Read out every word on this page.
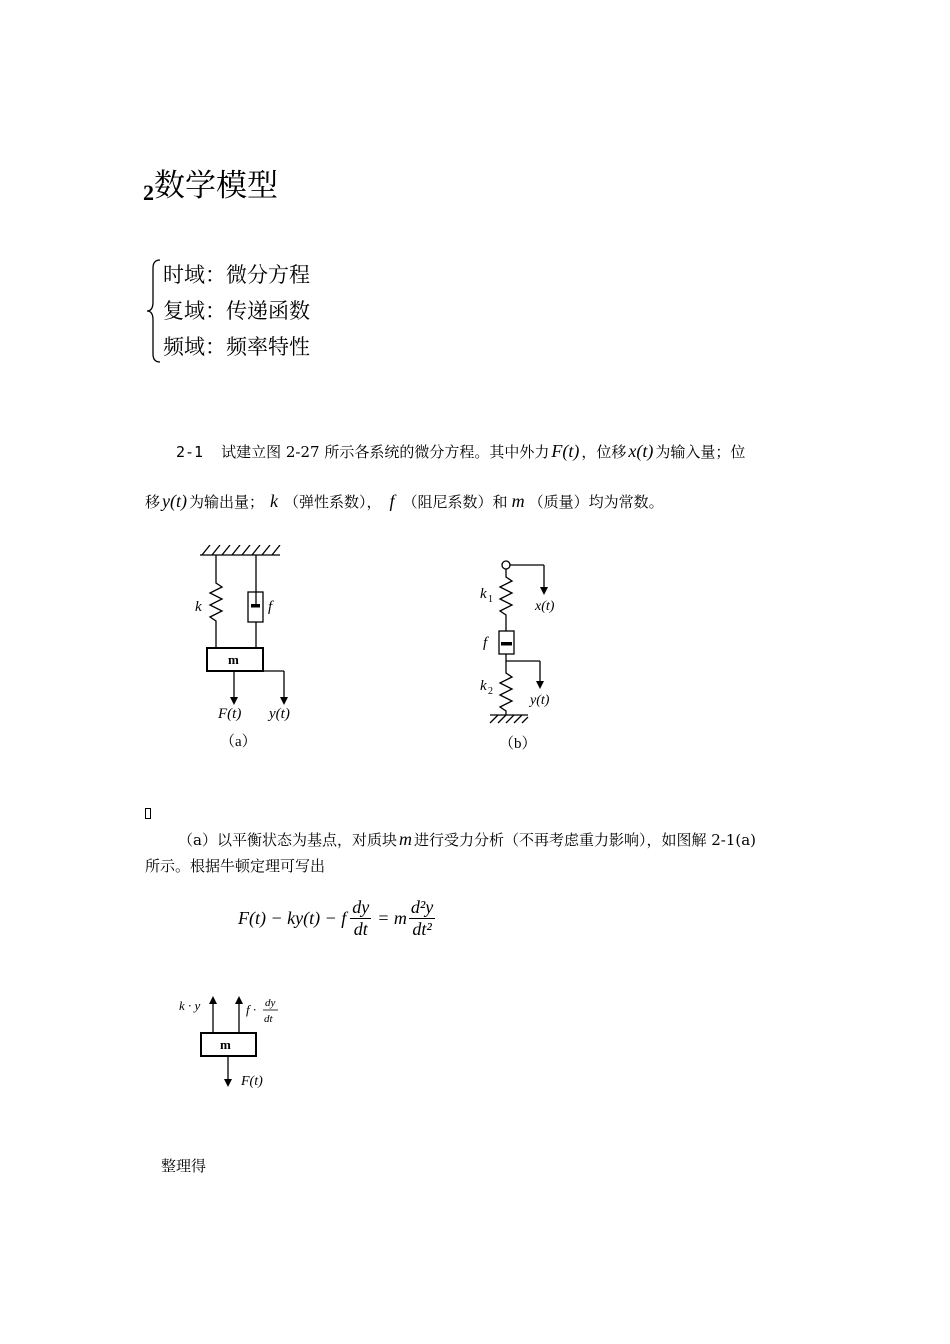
2数学模型
时域：微分方程
复域：传递函数
频域：频率特性
2-1 试建立图 2-27 所示各系统的微分方程。其中外力 F(t) ，位移 x(t) 为输入量；位
移 y(t) 为输出量； k （弹性系数）， f （阻尼系数）和 m （质量）均为常数。
k	f
m
F(t) y(t)
（a）
k 1	x(t)
f
k 2
y(t)
（b）
（a）以平衡状态为基点，对质块 m 进行受力分析（不再考虑重力影响），如图解 2-1(a)
所示。根据牛顿定理可写出
F(t) − ky(t) − f
dy
dt
= m
d²y
dt²
k · y	f · dy
dt
m
F(t)
整理得
